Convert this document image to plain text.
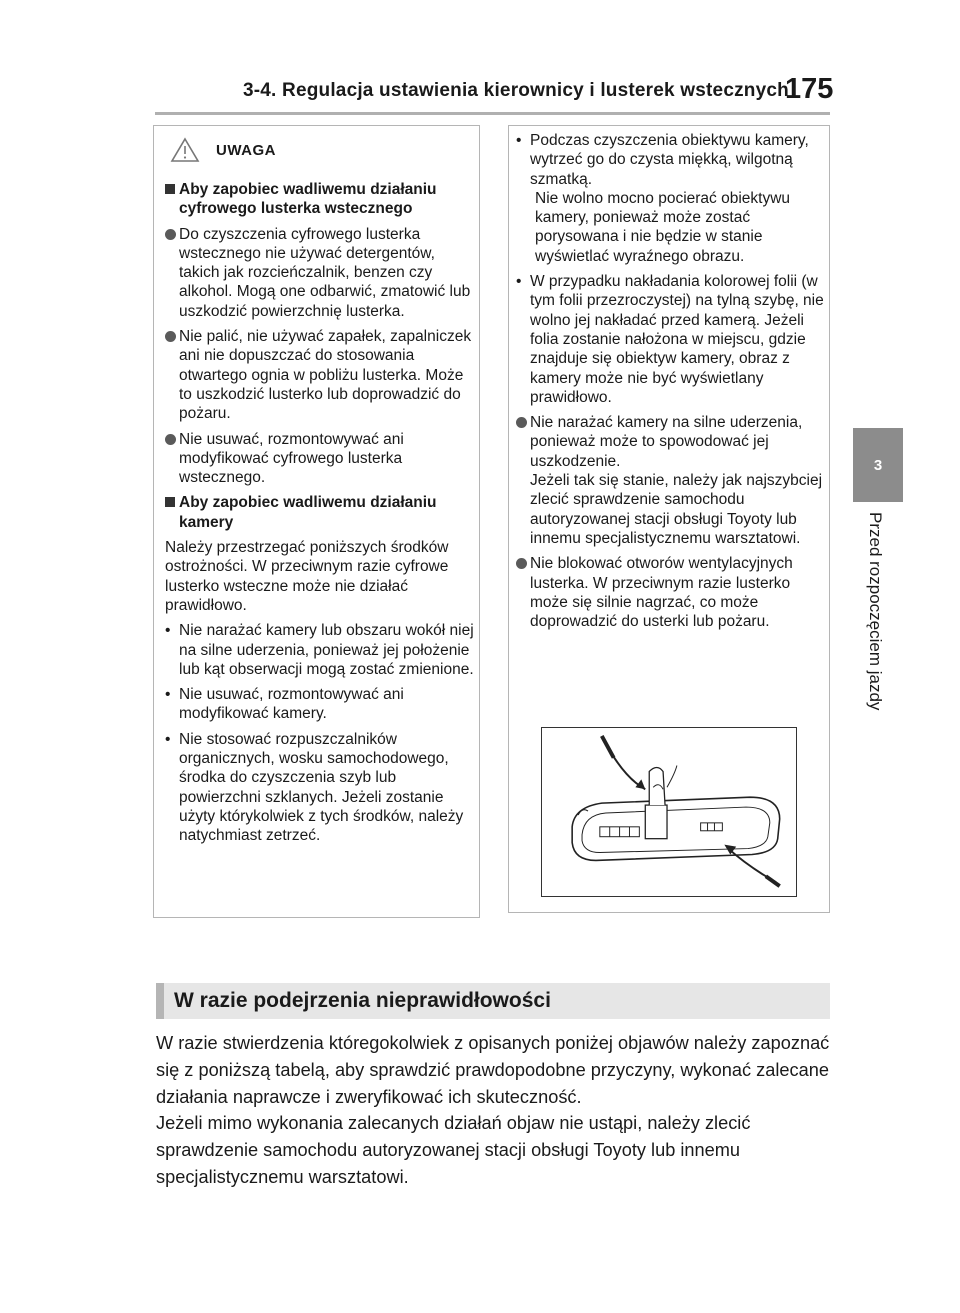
3-4. Regulacja ustawienia kierownicy i lusterek wstecznych
175
3
Przed rozpoczęciem jazdy
UWAGA
Aby zapobiec wadliwemu działaniu cyfrowego lusterka wstecznego
Do czyszczenia cyfrowego lusterka wstecznego nie używać detergentów, takich jak rozcieńczalnik, benzen czy alkohol. Mogą one odbarwić, zmatowić lub uszkodzić powierzchnię lusterka.
Nie palić, nie używać zapałek, zapalniczek ani nie dopuszczać do stosowania otwartego ognia w pobliżu lusterka. Może to uszkodzić lusterko lub doprowadzić do pożaru.
Nie usuwać, rozmontowywać ani modyfikować cyfrowego lusterka wstecznego.
Aby zapobiec wadliwemu działaniu kamery
Należy przestrzegać poniższych środków ostrożności. W przeciwnym razie cyfrowe lusterko wsteczne może nie działać prawidłowo.
• Nie narażać kamery lub obszaru wokół niej na silne uderzenia, ponieważ jej położenie lub kąt obserwacji mogą zostać zmienione.
• Nie usuwać, rozmontowywać ani modyfikować kamery.
• Nie stosować rozpuszczalników organicznych, wosku samochodowego, środka do czyszczenia szyb lub powierzchni szklanych. Jeżeli zostanie użyty którykolwiek z tych środków, należy natychmiast zetrzeć.
• Podczas czyszczenia obiektywu kamery, wytrzeć go do czysta miękką, wilgotną szmatką.
Nie wolno mocno pocierać obiektywu kamery, ponieważ może zostać porysowana i nie będzie w stanie wyświetlać wyraźnego obrazu.
• W przypadku nakładania kolorowej folii (w tym folii przezroczystej) na tylną szybę, nie wolno jej nakładać przed kamerą. Jeżeli folia zostanie nałożona w miejscu, gdzie znajduje się obiektyw kamery, obraz z kamery może nie być wyświetlany prawidłowo.
Nie narażać kamery na silne uderzenia, ponieważ może to spowodować jej uszkodzenie.
Jeżeli tak się stanie, należy jak najszybciej zlecić sprawdzenie samochodu autoryzowanej stacji obsługi Toyoty lub innemu specjalistycznemu warsztatowi.
Nie blokować otworów wentylacyjnych lusterka. W przeciwnym razie lusterko może się silnie nagrzać, co może doprowadzić do usterki lub pożaru.
W razie podejrzenia nieprawidłowości
W razie stwierdzenia któregokolwiek z opisanych poniżej objawów należy zapoznać się z poniższą tabelą, aby sprawdzić prawdopodobne przyczyny, wykonać zalecane działania naprawcze i zweryfikować ich skuteczność.
Jeżeli mimo wykonania zalecanych działań objaw nie ustąpi, należy zlecić sprawdzenie samochodu autoryzowanej stacji obsługi Toyoty lub innemu specjalistycznemu warsztatowi.
